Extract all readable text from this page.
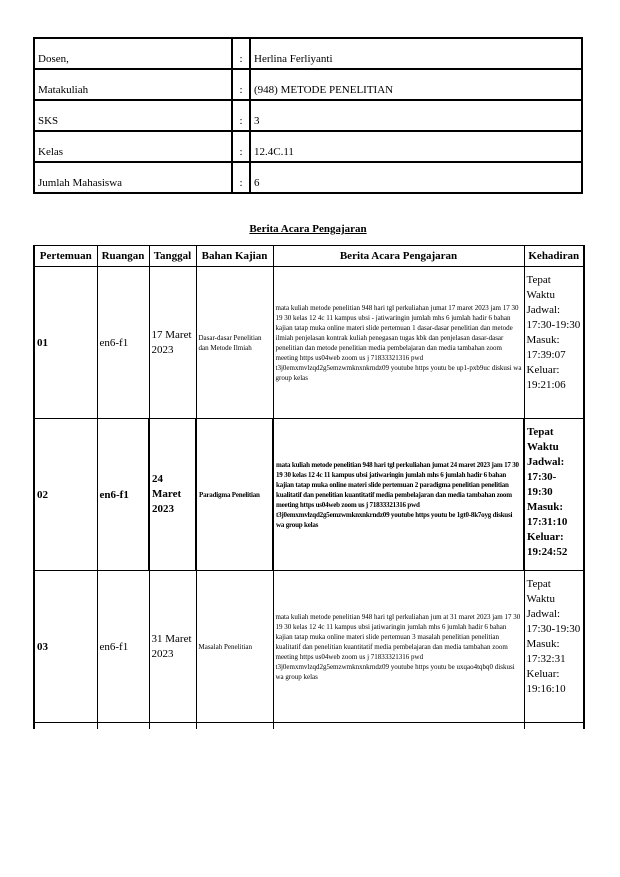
Dosen,	:	Herlina Ferliyanti
Matakuliah	:	(948) METODE PENELITIAN
SKS	:	3
Kelas	:	12.4C.11
Jumlah Mahasiswa	:	6
Berita Acara Pengajaran
Pertemuan	Ruangan	Tanggal	Bahan Kajian	Berita Acara Pengajaran	Kehadiran
01	en6-f1	17 Maret 2023	Dasar-dasar Penelitian dan Metode Ilmiah	mata kuliah metode penelitian 948 hari tgl perkuliahan jumat 17 maret 2023 jam 17 30 19 30 kelas 12 4c 11 kampus ubsi - jatiwaringin jumlah mhs 6 jumlah hadir 6 bahan kajian tatap muka online materi slide pertemuan 1 dasar-dasar penelitian dan metode ilmiah penjelasan kontrak kuliah penegasan tugas kbk dan penjelasan dasar-dasar penelitian dan metode penelitian media pembelajaran dan media tambahan zoom meeting https us04web zoom us j 71833321316 pwd t3j0emxmvlzqd2g5emzwmknxnkrndz09 youtube https youtu be up1-pxb9uc diskusi wa group kelas	Tepat Waktu Jadwal: 17:30-19:30 Masuk: 17:39:07 Keluar: 19:21:06
02	en6-f1	24 Maret 2023	Paradigma Penelitian	mata kuliah metode penelitian 948 hari tgl perkuliahan jumat 24 maret 2023 jam 17 30 19 30 kelas 12 4c 11 kampus ubsi jatiwaringin jumlah mhs 6 jumlah hadir 6 bahan kajian tatap muka online materi slide pertemuan 2 paradigma penelitian penelitian kualitatif dan penelitian kuantitatif media pembelajaran dan media tambahan zoom meeting https us04web zoom us j 71833321316 pwd t3j0emxmvlzqd2g5emzwmknxnkrndz09 youtube https youtu be 1gt0-8k7oyg diskusi wa group kelas	Tepat Waktu Jadwal: 17:30-19:30 Masuk: 17:31:10 Keluar: 19:24:52
03	en6-f1	31 Maret 2023	Masalah Penelitian	mata kuliah metode penelitian 948 hari tgl perkuliahan jum at 31 maret 2023 jam 17 30 19 30 kelas 12 4c 11 kampus ubsi jatiwaringin jumlah mhs 6 jumlah hadir 6 bahan kajian tatap muka online materi slide pertemuan 3 masalah penelitian penelitian kualitatif dan penelitian kuantitatif media pembelajaran dan media tambahan zoom meeting https us04web zoom us j 71833321316 pwd t3j0emxmvlzqd2g5emzwmknxnkrndz09 youtube https youtu be uxqao4tqbq0 diskusi wa group kelas	Tepat Waktu Jadwal: 17:30-19:30 Masuk: 17:32:31 Keluar: 19:16:10
